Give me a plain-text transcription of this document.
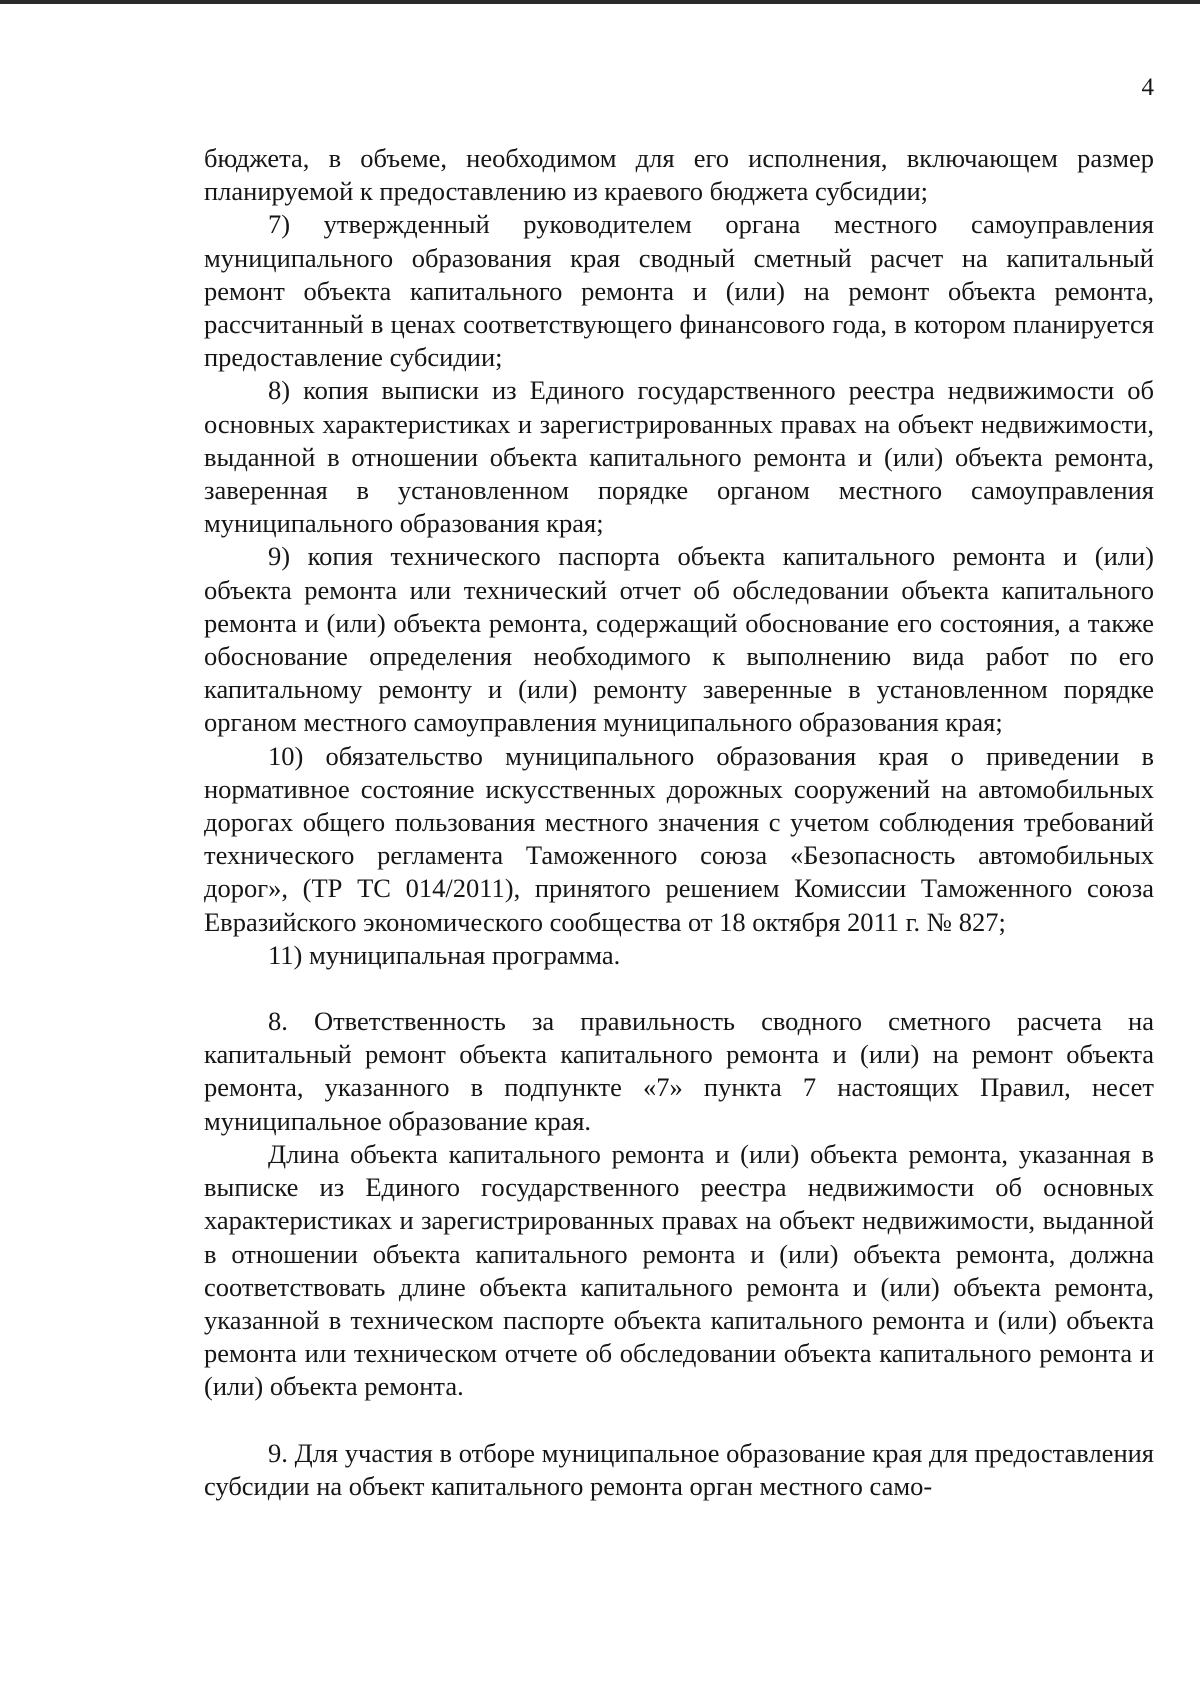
4

бюджета, в объеме, необходимом для его исполнения, включающем размер планируемой к предоставлению из краевого бюджета субсидии;

7) утвержденный руководителем органа местного самоуправления муниципального образования края сводный сметный расчет на капитальный ремонт объекта капитального ремонта и (или) на ремонт объекта ремонта, рассчитанный в ценах соответствующего финансового года, в котором планируется предоставление субсидии;

8) копия выписки из Единого государственного реестра недвижимости об основных характеристиках и зарегистрированных правах на объект недвижимости, выданной в отношении объекта капитального ремонта и (или) объекта ремонта, заверенная в установленном порядке органом местного самоуправления муниципального образования края;

9) копия технического паспорта объекта капитального ремонта и (или) объекта ремонта или технический отчет об обследовании объекта капитального ремонта и (или) объекта ремонта, содержащий обоснование его состояния, а также обоснование определения необходимого к выполнению вида работ по его капитальному ремонту и (или) ремонту заверенные в установленном порядке органом местного самоуправления муниципального образования края;

10) обязательство муниципального образования края о приведении в нормативное состояние искусственных дорожных сооружений на автомобильных дорогах общего пользования местного значения с учетом соблюдения требований технического регламента Таможенного союза «Безопасность автомобильных дорог», (ТР ТС 014/2011), принятого решением Комиссии Таможенного союза Евразийского экономического сообщества от 18 октября 2011 г. № 827;

11) муниципальная программа.

8. Ответственность за правильность сводного сметного расчета на капитальный ремонт объекта капитального ремонта и (или) на ремонт объекта ремонта, указанного в подпункте «7» пункта 7 настоящих Правил, несет муниципальное образование края.

Длина объекта капитального ремонта и (или) объекта ремонта, указанная в выписке из Единого государственного реестра недвижимости об основных характеристиках и зарегистрированных правах на объект недвижимости, выданной в отношении объекта капитального ремонта и (или) объекта ремонта, должна соответствовать длине объекта капитального ремонта и (или) объекта ремонта, указанной в техническом паспорте объекта капитального ремонта и (или) объекта ремонта или техническом отчете об обследовании объекта капитального ремонта и (или) объекта ремонта.

9. Для участия в отборе муниципальное образование края для предоставления субсидии на объект капитального ремонта орган местного само-
